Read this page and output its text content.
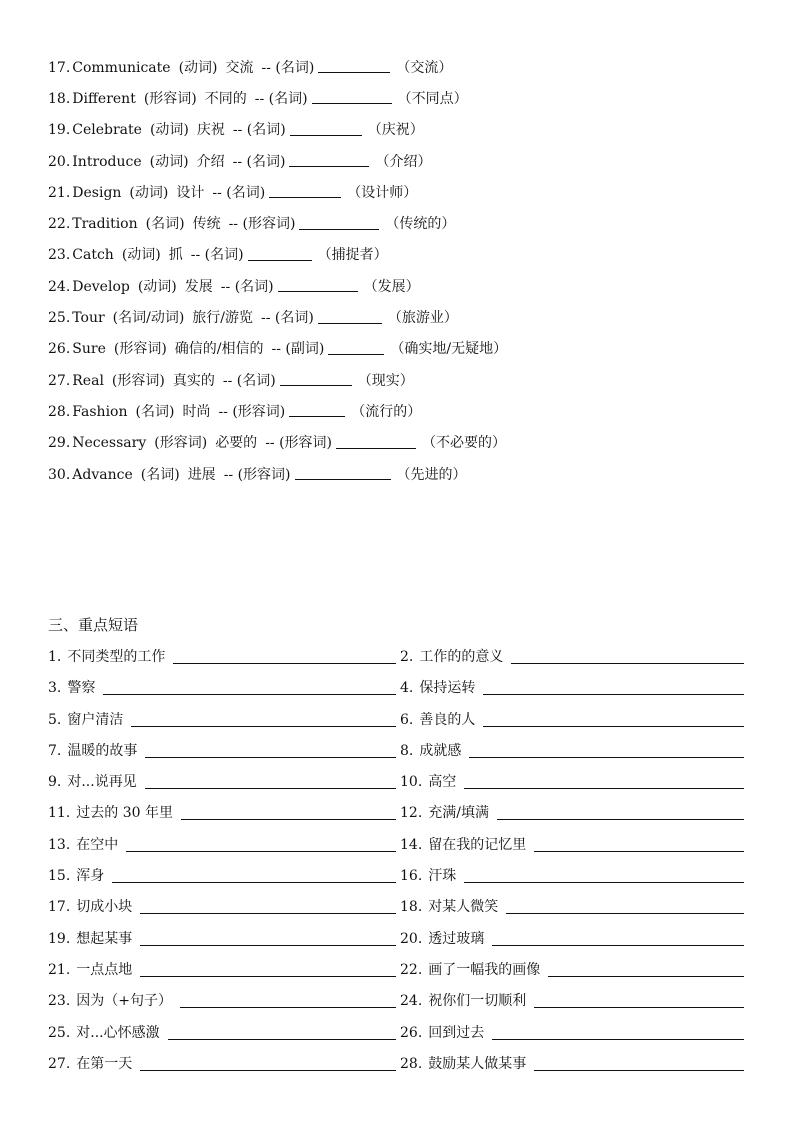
17. Communicate (动词) 交流 -- (名词)	（交流）
18. Different (形容词) 不同的 -- (名词)	（不同点）
19. Celebrate (动词) 庆祝 -- (名词)	（庆祝）
20. Introduce (动词) 介绍 -- (名词)	（介绍）
21. Design (动词) 设计 -- (名词)	（设计师）
22. Tradition (名词) 传统 -- (形容词)	（传统的）
23. Catch (动词) 抓 -- (名词)	（捕捉者）
24. Develop (动词) 发展 -- (名词)	（发展）
25. Tour (名词/动词) 旅行/游览 -- (名词)	（旅游业）
26. Sure (形容词) 确信的/相信的 -- (副词)	（确实地/无疑地）
27. Real (形容词) 真实的 -- (名词)	（现实）
28. Fashion (名词) 时尚 -- (形容词)	（流行的）
29. Necessary (形容词) 必要的 -- (形容词)	（不必要的）
30. Advance (名词) 进展 -- (形容词)	（先进的）
三、重点短语
1. 不同类型的工作	2. 工作的的意义
3. 警察	4. 保持运转
5. 窗户清洁	6. 善良的人
7. 温暖的故事	8. 成就感
9. 对...说再见	10. 高空
11. 过去的 30 年里	12. 充满/填满
13. 在空中	14. 留在我的记忆里
15. 浑身	16. 汗珠
17. 切成小块	18. 对某人微笑
19. 想起某事	20. 透过玻璃
21. 一点点地	22. 画了一幅我的画像
23. 因为（+句子）	24. 祝你们一切顺利
25. 对...心怀感激	26. 回到过去
27. 在第一天	28. 鼓励某人做某事
